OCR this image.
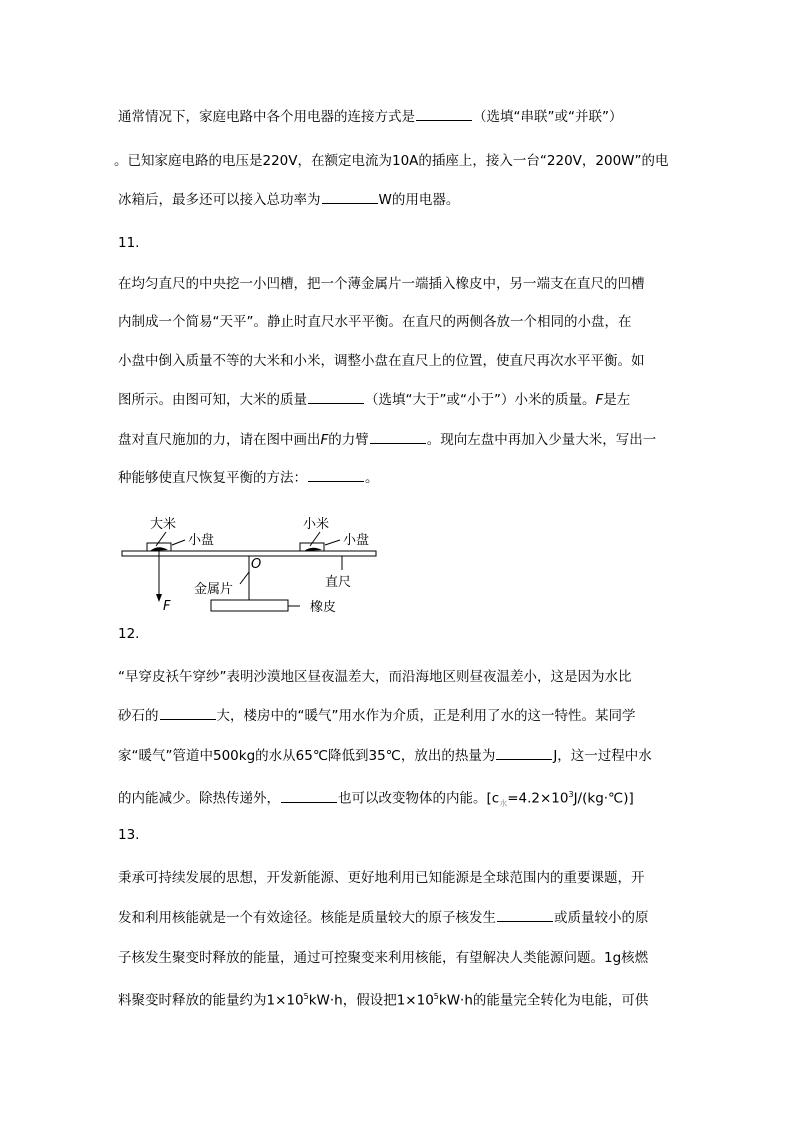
通常情况下，家庭电路中各个用电器的连接方式是	（选填“串联”或“并联”）
。已知家庭电路的电压是220V，在额定电流为10A的插座上，接入一台“220V，200W”的电
冰箱后，最多还可以接入总功率为	W的用电器。
11.
在均匀直尺的中央挖一小凹槽，把一个薄金属片一端插入橡皮中，另一端支在直尺的凹槽
内制成一个简易“天平”。静止时直尺水平平衡。在直尺的两侧各放一个相同的小盘，在
小盘中倒入质量不等的大米和小米，调整小盘在直尺上的位置，使直尺再次水平平衡。如
图所示。由图可知，大米的质量	（选填“大于”或“小于”）小米的质量。F是左
盘对直尺施加的力，请在图中画出F的力臂	。现向左盘中再加入少量大米，写出一
种能够使直尺恢复平衡的方法：	。
大米
小盘
小米
小盘
O
金属片	直尺
F	橡皮
12.
“早穿皮袄午穿纱”表明沙漠地区昼夜温差大，而沿海地区则昼夜温差小，这是因为水比
砂石的	大，楼房中的“暖气”用水作为介质，正是利用了水的这一特性。某同学
家“暖气”管道中500kg的水从65℃降低到35℃，放出的热量为	J，这一过程中水
的内能减少。除热传递外，	也可以改变物体的内能。$[c_水=4.2\times 10^3J/(kg\cdot℃)]$
13.
秉承可持续发展的思想，开发新能源、更好地利用已知能源是全球范围内的重要课题，开
发和利用核能就是一个有效途径。核能是质量较大的原子核发生	或质量较小的原
子核发生聚变时释放的能量，通过可控聚变来利用核能，有望解决人类能源问题。1g核燃
料聚变时释放的能量约为$1\times 10^5kW\cdot h$，假设把$1\times 10^5kW\cdot h$的能量完全转化为电能，可供
